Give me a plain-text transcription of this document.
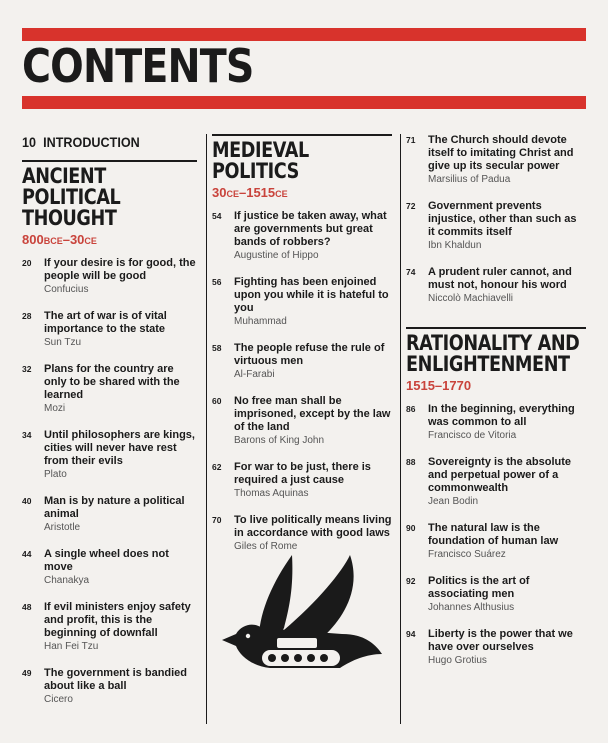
CONTENTS
10 INTRODUCTION
ANCIENT POLITICAL THOUGHT
800BCE–30CE
20 If your desire is for good, the people will be good
Confucius
28 The art of war is of vital importance to the state
Sun Tzu
32 Plans for the country are only to be shared with the learned
Mozi
34 Until philosophers are kings, cities will never have rest from their evils
Plato
40 Man is by nature a political animal
Aristotle
44 A single wheel does not move
Chanakya
48 If evil ministers enjoy safety and profit, this is the beginning of downfall
Han Fei Tzu
49 The government is bandied about like a ball
Cicero
MEDIEVAL POLITICS
30CE–1515CE
54 If justice be taken away, what are governments but great bands of robbers?
Augustine of Hippo
56 Fighting has been enjoined upon you while it is hateful to you
Muhammad
58 The people refuse the rule of virtuous men
Al-Farabi
60 No free man shall be imprisoned, except by the law of the land
Barons of King John
62 For war to be just, there is required a just cause
Thomas Aquinas
70 To live politically means living in accordance with good laws
Giles of Rome
71 The Church should devote itself to imitating Christ and give up its secular power
Marsilius of Padua
72 Government prevents injustice, other than such as it commits itself
Ibn Khaldun
74 A prudent ruler cannot, and must not, honour his word
Niccolò Machiavelli
RATIONALITY AND ENLIGHTENMENT
1515–1770
86 In the beginning, everything was common to all
Francisco de Vitoria
88 Sovereignty is the absolute and perpetual power of a commonwealth
Jean Bodin
90 The natural law is the foundation of human law
Francisco Suárez
92 Politics is the art of associating men
Johannes Althusius
94 Liberty is the power that we have over ourselves
Hugo Grotius
